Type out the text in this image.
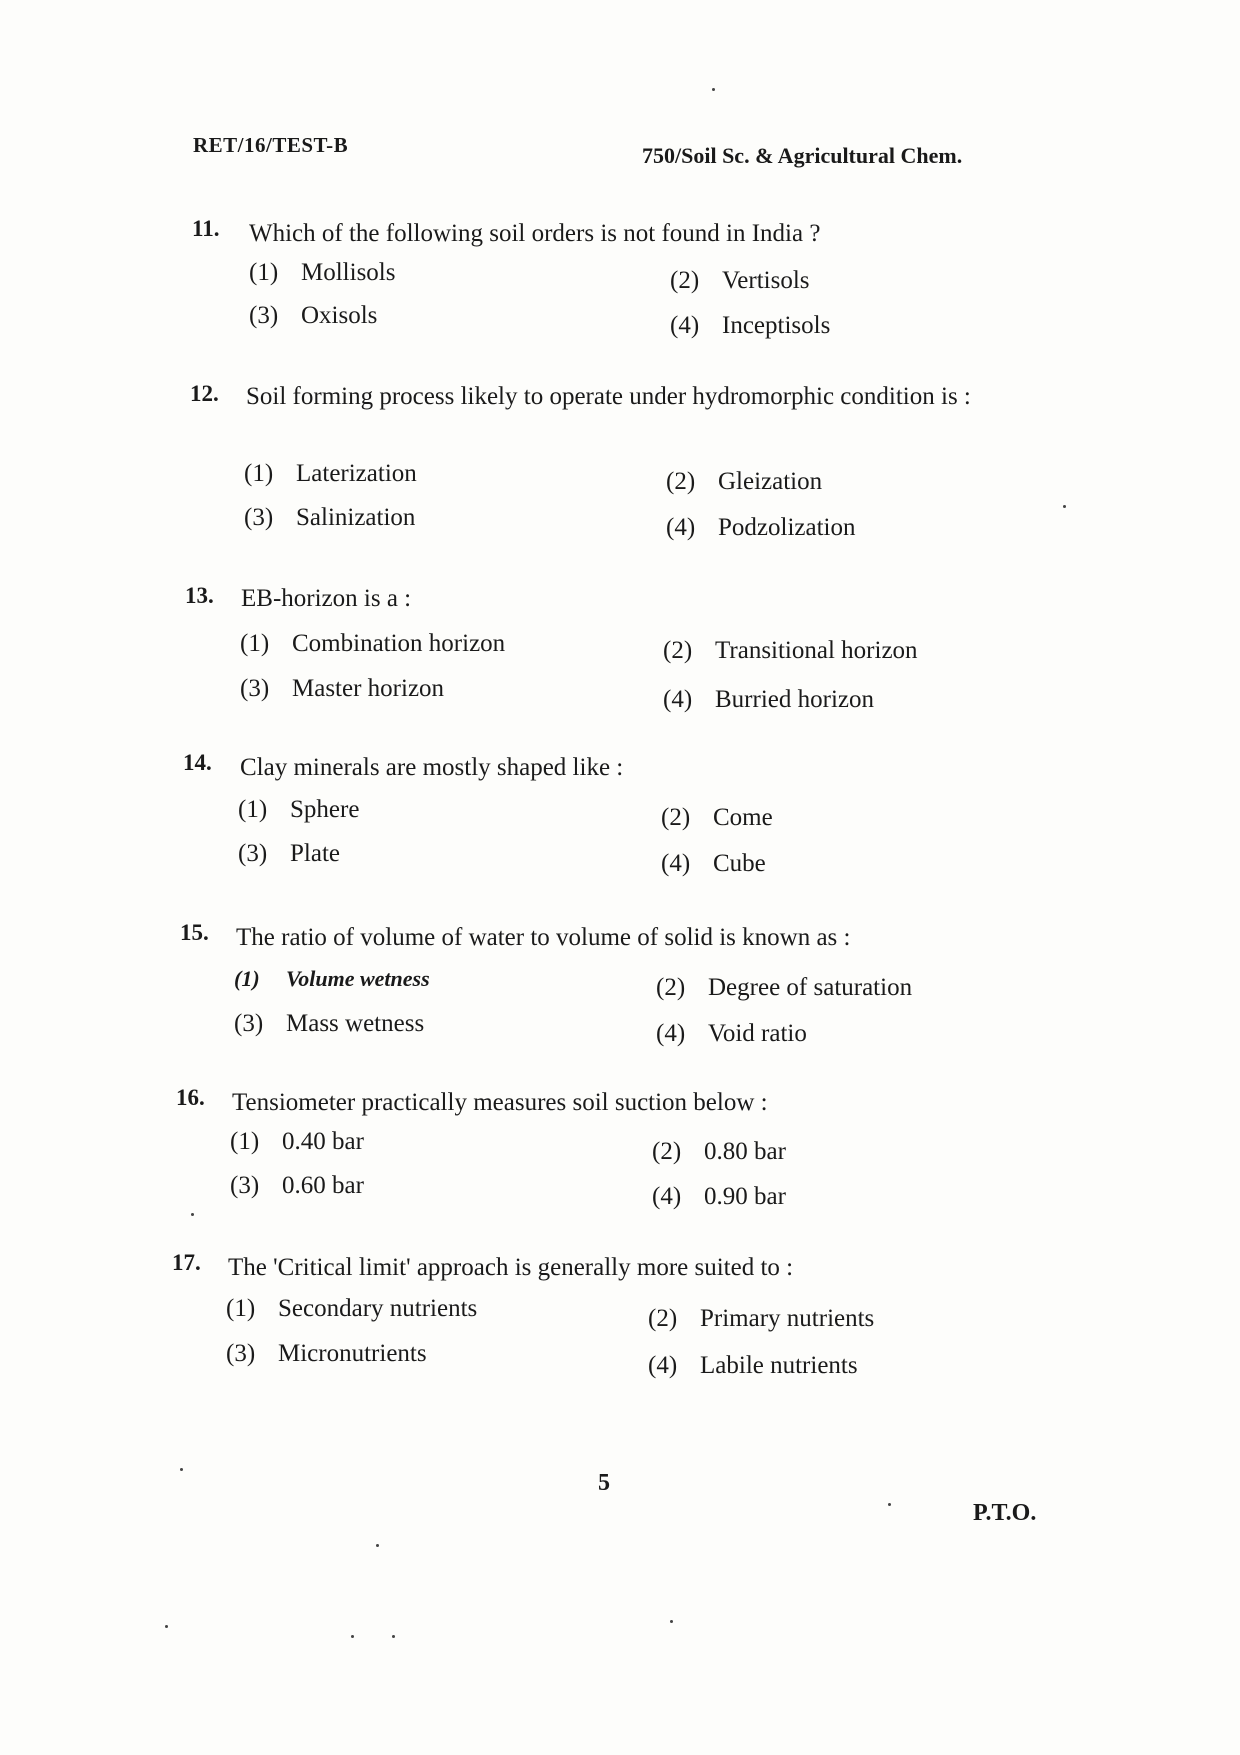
RET/16/TEST-B	750/Soil Sc. & Agricultural Chem.
11. Which of the following soil orders is not found in India ?
(1) Mollisols	(2) Vertisols
(3) Oxisols	(4) Inceptisols
12. Soil forming process likely to operate under hydromorphic condition is :
(1) Laterization	(2) Gleization
(3) Salinization	(4) Podzolization
13. EB-horizon is a :
(1) Combination horizon	(2) Transitional horizon
(3) Master horizon	(4) Burried horizon
14. Clay minerals are mostly shaped like :
(1) Sphere	(2) Come
(3) Plate	(4) Cube
15. The ratio of volume of water to volume of solid is known as :
(1) Volume wetness	(2) Degree of saturation
(3) Mass wetness	(4) Void ratio
16. Tensiometer practically measures soil suction below :
(1) 0.40 bar	(2) 0.80 bar
(3) 0.60 bar	(4) 0.90 bar
17. The 'Critical limit' approach is generally more suited to :
(1) Secondary nutrients	(2) Primary nutrients
(3) Micronutrients	(4) Labile nutrients
5
P.T.O.
